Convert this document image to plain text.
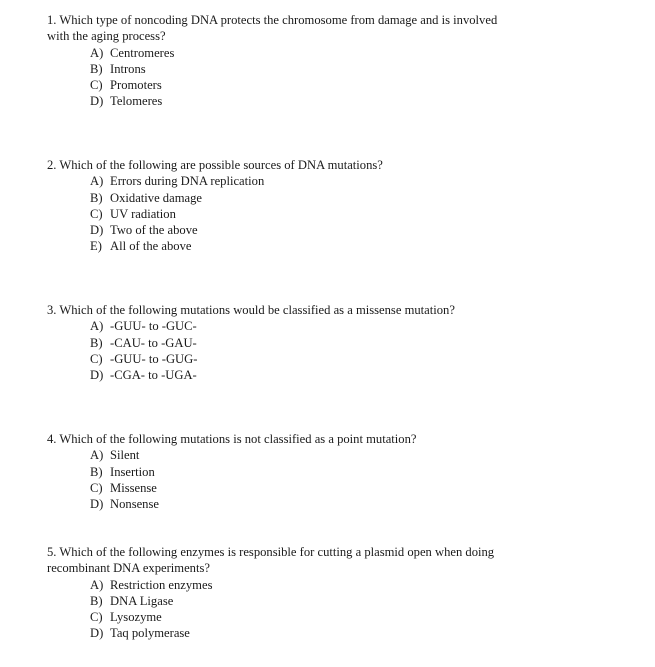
1. Which type of noncoding DNA protects the chromosome from damage and is involved
with the aging process?

A) Centromeres
B) Introns
C) Promoters
D) Telomeres

2. Which of the following are possible sources of DNA mutations?

A) Errors during DNA replication
B) Oxidative damage
C) UV radiation
D) Two of the above
E) All of the above

3. Which of the following mutations would be classified as a missense mutation?

A) -GUU- to -GUC-
B) -CAU- to -GAU-
C) -GUU- to -GUG-
D) -CGA- to -UGA-

4. Which of the following mutations is not classified as a point mutation?

A) Silent
B) Insertion
C) Missense
D) Nonsense

5. Which of the following enzymes is responsible for cutting a plasmid open when doing
recombinant DNA experiments?

A) Restriction enzymes
B) DNA Ligase
C) Lysozyme
D) Taq polymerase
